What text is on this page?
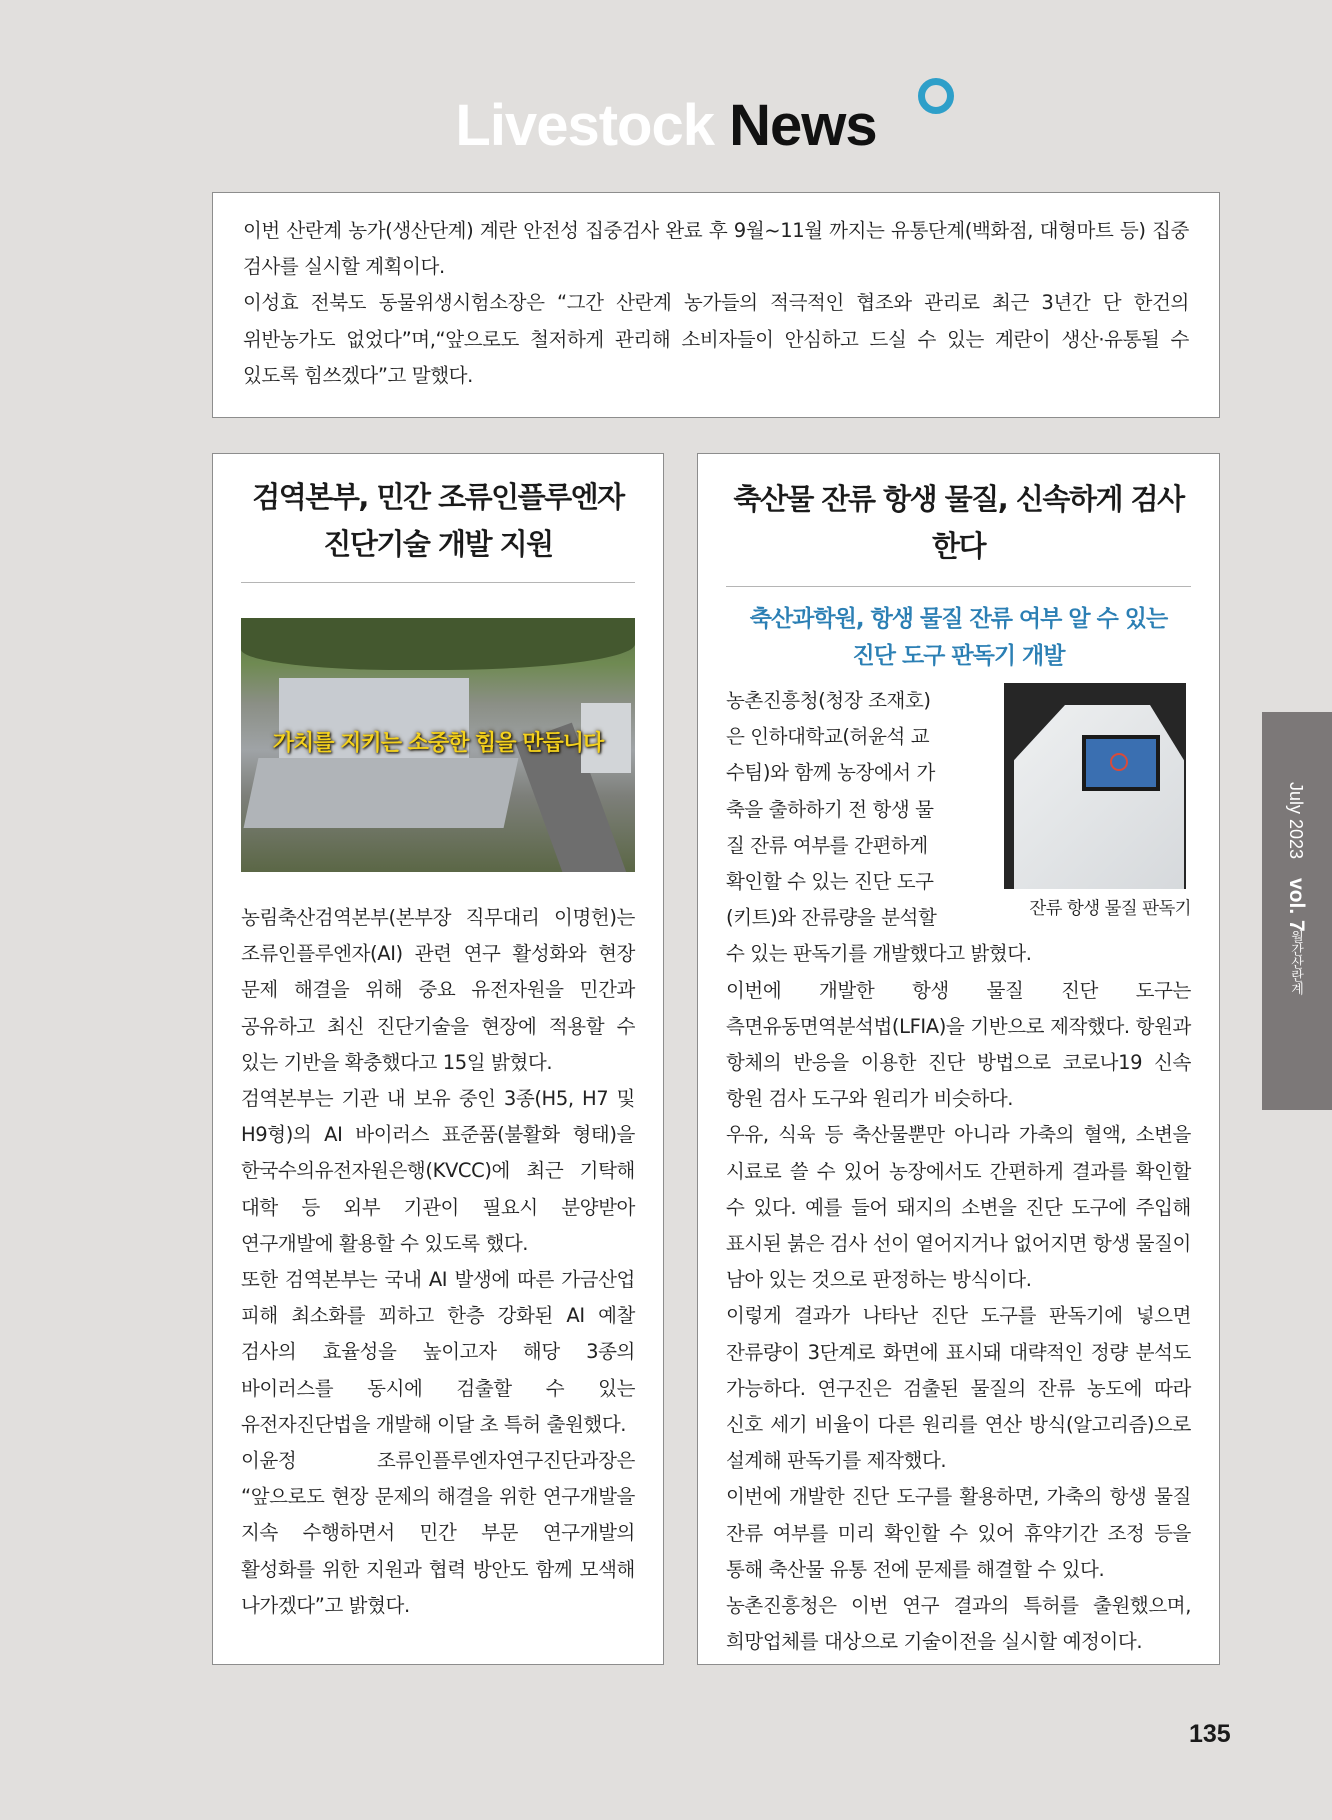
Livestock News

이번 산란계 농가(생산단계) 계란 안전성 집중검사 완료 후 9월~11월 까지는 유통단계(백화점, 대형마트 등) 집중 검사를 실시할 계획이다.

이성효 전북도 동물위생시험소장은 “그간 산란계 농가들의 적극적인 협조와 관리로 최근 3년간 단 한건의 위반농가도 없었다”며,“앞으로도 철저하게 관리해 소비자들이 안심하고 드실 수 있는 계란이 생산·유통될 수 있도록 힘쓰겠다”고 말했다.

검역본부, 민간 조류인플루엔자
진단기술 개발 지원
가치를 지키는 소중한 힘을 만듭니다

농림축산검역본부(본부장 직무대리 이명헌)는 조류인플루엔자(AI) 관련 연구 활성화와 현장 문제 해결을 위해 중요 유전자원을 민간과 공유하고 최신 진단기술을 현장에 적용할 수 있는 기반을 확충했다고 15일 밝혔다.

검역본부는 기관 내 보유 중인 3종(H5, H7 및 H9형)의 AI 바이러스 표준품(불활화 형태)을 한국수의유전자원은행(KVCC)에 최근 기탁해 대학 등 외부 기관이 필요시 분양받아 연구개발에 활용할 수 있도록 했다.

또한 검역본부는 국내 AI 발생에 따른 가금산업 피해 최소화를 꾀하고 한층 강화된 AI 예찰 검사의 효율성을 높이고자 해당 3종의 바이러스를 동시에 검출할 수 있는 유전자진단법을 개발해 이달 초 특허 출원했다.

이윤정 조류인플루엔자연구진단과장은 “앞으로도 현장 문제의 해결을 위한 연구개발을 지속 수행하면서 민간 부문 연구개발의 활성화를 위한 지원과 협력 방안도 함께 모색해 나가겠다”고 밝혔다.

축산물 잔류 항생 물질, 신속하게 검사한다
축산과학원, 항생 물질 잔류 여부 알 수 있는
진단 도구 판독기 개발
잔류 항생 물질 판독기
농촌진흥청(청장 조재호)
은 인하대학교(허윤석 교
수팀)와 함께 농장에서 가
축을 출하하기 전 항생 물
질 잔류 여부를 간편하게
확인할 수 있는 진단 도구
(키트)와 잔류량을 분석할

수 있는 판독기를 개발했다고 밝혔다.

이번에 개발한 항생 물질 진단 도구는 측면유동면역분석법(LFIA)을 기반으로 제작했다. 항원과 항체의 반응을 이용한 진단 방법으로 코로나19 신속 항원 검사 도구와 원리가 비슷하다.

우유, 식육 등 축산물뿐만 아니라 가축의 혈액, 소변을 시료로 쓸 수 있어 농장에서도 간편하게 결과를 확인할 수 있다. 예를 들어 돼지의 소변을 진단 도구에 주입해 표시된 붉은 검사 선이 옅어지거나 없어지면 항생 물질이 남아 있는 것으로 판정하는 방식이다.

이렇게 결과가 나타난 진단 도구를 판독기에 넣으면 잔류량이 3단계로 화면에 표시돼 대략적인 정량 분석도 가능하다. 연구진은 검출된 물질의 잔류 농도에 따라 신호 세기 비율이 다른 원리를 연산 방식(알고리즘)으로 설계해 판독기를 제작했다.

이번에 개발한 진단 도구를 활용하면, 가축의 항생 물질 잔류 여부를 미리 확인할 수 있어 휴약기간 조정 등을 통해 축산물 유통 전에 문제를 해결할 수 있다.

농촌진흥청은 이번 연구 결과의 특허를 출원했으며, 희망업체를 대상으로 기술이전을 실시할 예정이다.

July 2023 vol. 7
월간산란계
135
